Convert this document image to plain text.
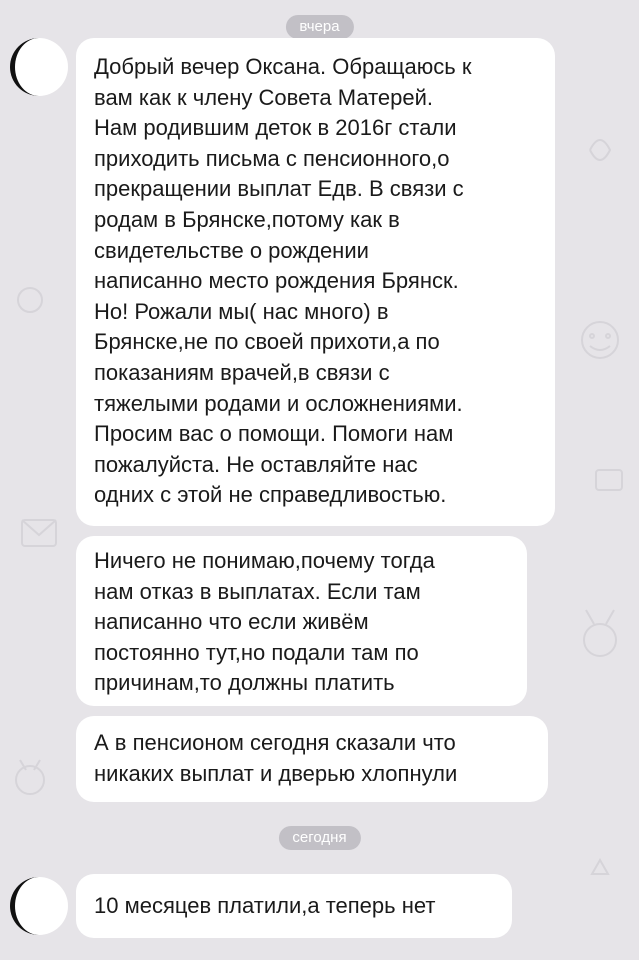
вчера
Добрый вечер Оксана. Обращаюсь к
вам как к члену Совета Матерей.
Нам родившим деток в 2016г стали
приходить письма с пенсионного,о
прекращении выплат Едв. В связи с
родам в Брянске,потому как в
свидетельстве о рождении
написанно место рождения Брянск.
Но! Рожали мы( нас много) в
Брянске,не по своей прихоти,а по
показаниям врачей,в связи с
тяжелыми родами и осложнениями.
Просим вас о помощи. Помоги нам
пожалуйста. Не оставляйте нас
одних с этой не справедливостью.
Ничего не понимаю,почему тогда
нам отказ в выплатах. Если там
написанно что если живём
постоянно тут,но подали там по
причинам,то должны платить
А в пенсионом сегодня сказали что
никаких выплат и дверью хлопнули
сегодня
10 месяцев платили,а теперь нет
